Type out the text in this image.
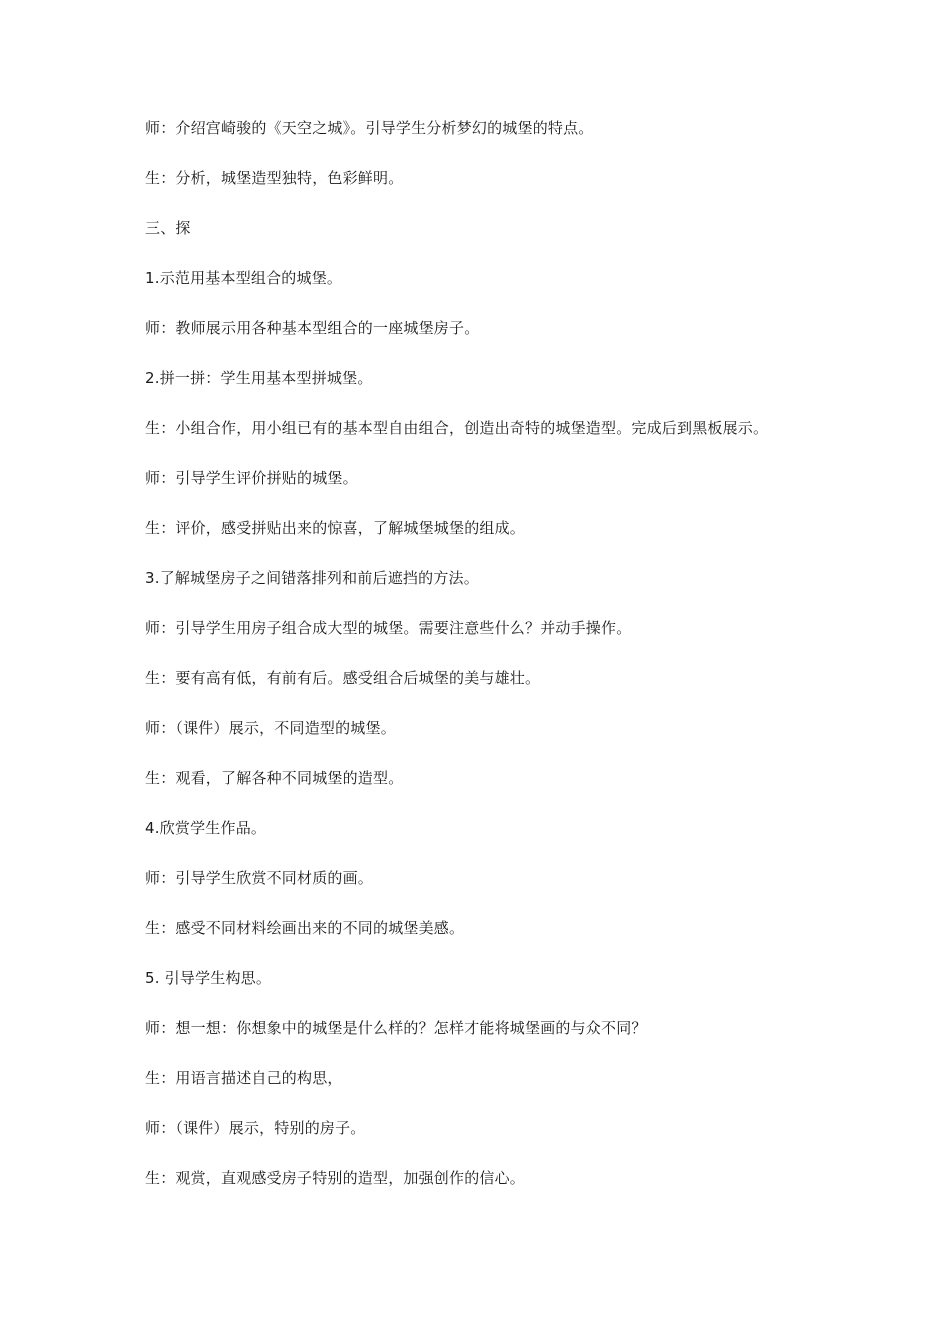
师：介绍宫崎骏的《天空之城》。引导学生分析梦幻的城堡的特点。

生：分析，城堡造型独特，色彩鲜明。

三、探

1.示范用基本型组合的城堡。

师：教师展示用各种基本型组合的一座城堡房子。

2.拼一拼：学生用基本型拼城堡。

生：小组合作，用小组已有的基本型自由组合，创造出奇特的城堡造型。完成后到黑板展示。

师：引导学生评价拼贴的城堡。

生：评价，感受拼贴出来的惊喜，了解城堡城堡的组成。

3.了解城堡房子之间错落排列和前后遮挡的方法。

师：引导学生用房子组合成大型的城堡。需要注意些什么？并动手操作。

生：要有高有低，有前有后。感受组合后城堡的美与雄壮。

师：（课件）展示，不同造型的城堡。

生：观看，了解各种不同城堡的造型。

4.欣赏学生作品。

师：引导学生欣赏不同材质的画。

生：感受不同材料绘画出来的不同的城堡美感。

5. 引导学生构思。

师：想一想：你想象中的城堡是什么样的？怎样才能将城堡画的与众不同？

生：用语言描述自己的构思，

师：（课件）展示，特别的房子。

生：观赏，直观感受房子特别的造型，加强创作的信心。
